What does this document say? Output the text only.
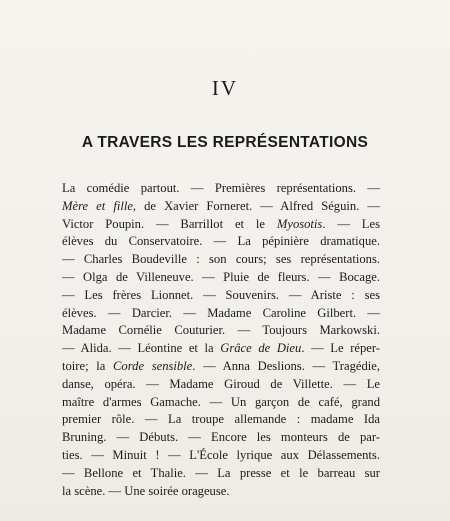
IV
A TRAVERS LES REPRÉSENTATIONS

La comédie partout. — Premières représentations. —
Mère et fille, de Xavier Forneret. — Alfred Séguin. —
Victor Poupin. — Barrillot et le Myosotis. — Les
élèves du Conservatoire. — La pépinière dramatique.
— Charles Boudeville : son cours; ses représentations.
— Olga de Villeneuve. — Pluie de fleurs. — Bocage.
— Les frères Lionnet. — Souvenirs. — Ariste : ses
élèves. — Darcier. — Madame Caroline Gilbert. —
Madame Cornélie Couturier. — Toujours Markowski.
— Alida. — Léontine et la Grâce de Dieu. — Le réper-
toire; la Corde sensible. — Anna Deslions. — Tragédie,
danse, opéra. — Madame Giroud de Villette. — Le
maître d'armes Gamache. — Un garçon de café, grand
premier rôle. — La troupe allemande : madame Ida
Bruning. — Débuts. — Encore les monteurs de par-
ties. — Minuit ! — L'École lyrique aux Délassements.
— Bellone et Thalie. — La presse et le barreau sur
la scène. — Une soirée orageuse.
